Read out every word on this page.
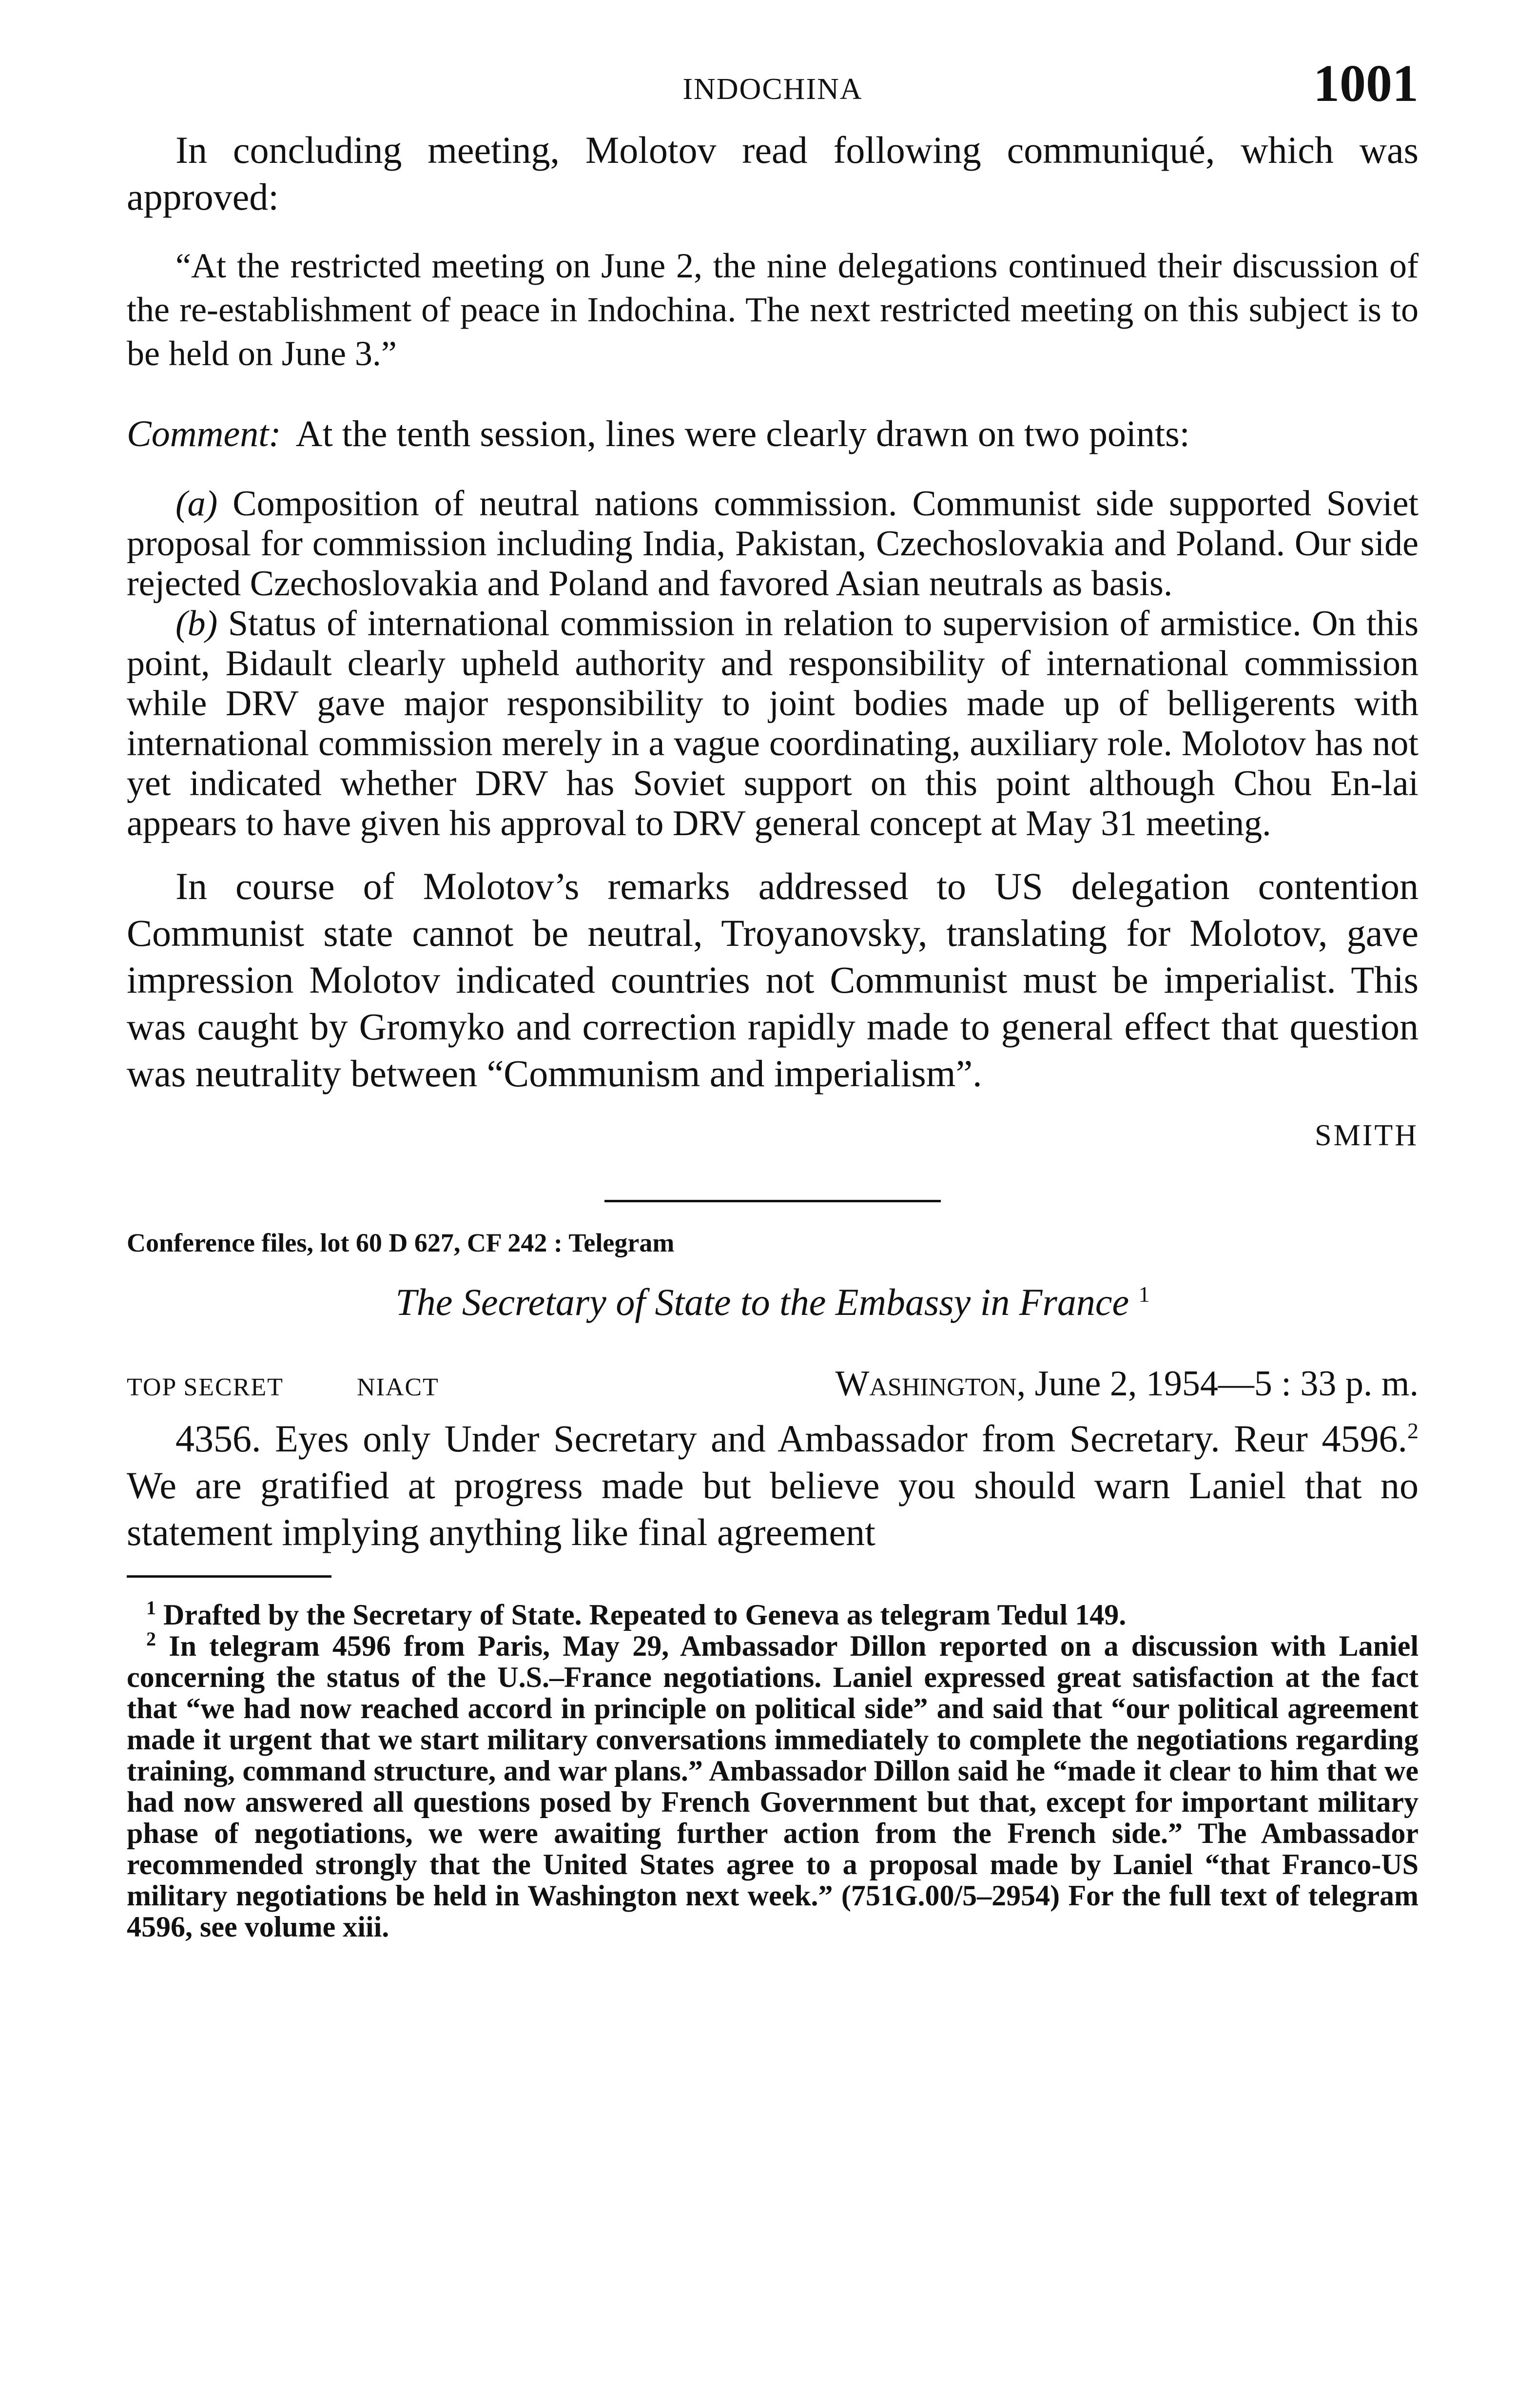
INDOCHINA	1001

In concluding meeting, Molotov read following communiqué, which was approved:

“At the restricted meeting on June 2, the nine delegations continued their discussion of the re-establishment of peace in Indochina. The next restricted meeting on this subject is to be held on June 3.”

Comment: At the tenth session, lines were clearly drawn on two points:

(a) Composition of neutral nations commission. Communist side supported Soviet proposal for commission including India, Pakistan, Czechoslovakia and Poland. Our side rejected Czechoslovakia and Poland and favored Asian neutrals as basis.

(b) Status of international commission in relation to supervision of armistice. On this point, Bidault clearly upheld authority and responsibility of international commission while DRV gave major responsibility to joint bodies made up of belligerents with international commission merely in a vague coordinating, auxiliary role. Molotov has not yet indicated whether DRV has Soviet support on this point although Chou En-lai appears to have given his approval to DRV general concept at May 31 meeting.

In course of Molotov’s remarks addressed to US delegation contention Communist state cannot be neutral, Troyanovsky, translating for Molotov, gave impression Molotov indicated countries not Communist must be imperialist. This was caught by Gromyko and correction rapidly made to general effect that question was neutrality between “Communism and imperialism”.

SMITH
Conference files, lot 60 D 627, CF 242 : Telegram
The Secretary of State to the Embassy in France $^1$
TOP SECRET	NIACT	Washington, June 2, 1954—5 : 33 p. m.

4356. Eyes only Under Secretary and Ambassador from Secretary. Reur 4596.$^2$ We are gratified at progress made but believe you should warn Laniel that no statement implying anything like final agreement

$^1$ Drafted by the Secretary of State. Repeated to Geneva as telegram Tedul 149.

$^2$ In telegram 4596 from Paris, May 29, Ambassador Dillon reported on a discussion with Laniel concerning the status of the U.S.–France negotiations. Laniel expressed great satisfaction at the fact that “we had now reached accord in principle on political side” and said that “our political agreement made it urgent that we start military conversations immediately to complete the negotiations regarding training, command structure, and war plans.” Ambassador Dillon said he “made it clear to him that we had now answered all questions posed by French Government but that, except for important military phase of negotiations, we were awaiting further action from the French side.” The Ambassador recommended strongly that the United States agree to a proposal made by Laniel “that Franco-US military negotiations be held in Washington next week.” (751G.00/5–2954) For the full text of telegram 4596, see volume xiii.
